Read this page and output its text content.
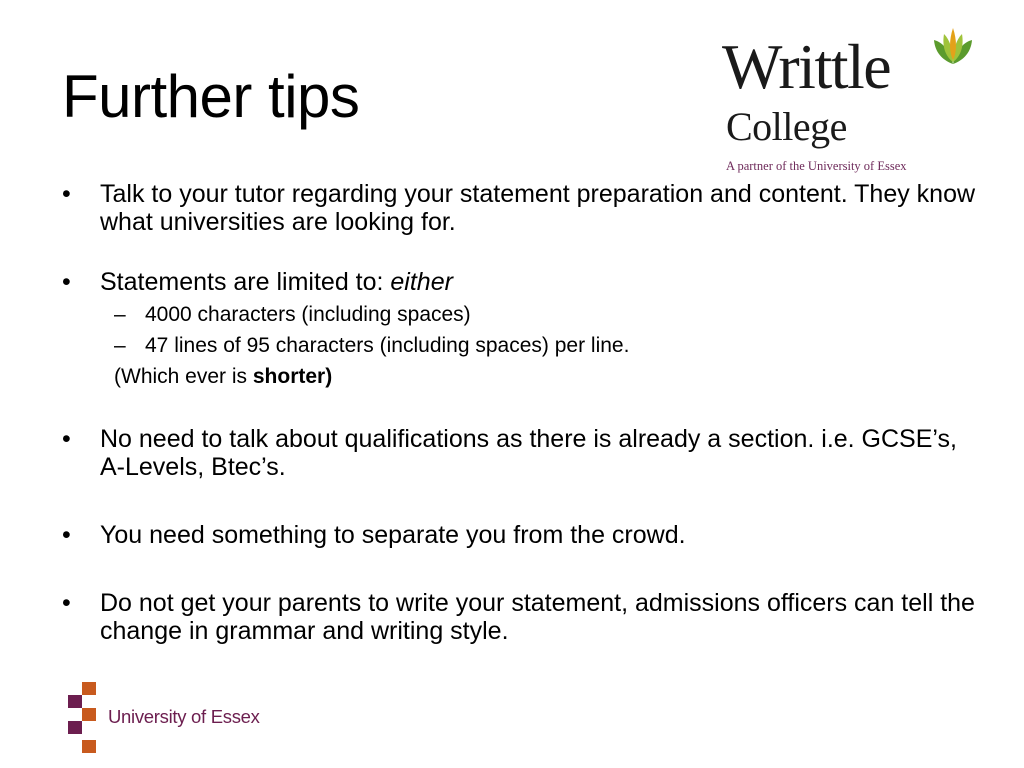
Further tips	Writtle
College
A partner of the University of Essex
•	Talk to your tutor regarding your statement preparation and content. They know what universities are looking for.
•	Statements are limited to: either
– 4000 characters (including spaces)
– 47 lines of 95 characters (including spaces) per line.
(Which ever is shorter)
•	No need to talk about qualifications as there is already a section. i.e. GCSE’s, A-Levels, Btec’s.
•	You need something to separate you from the crowd.
•	Do not get your parents to write your statement, admissions officers can tell the change in grammar and writing style.
University of Essex
